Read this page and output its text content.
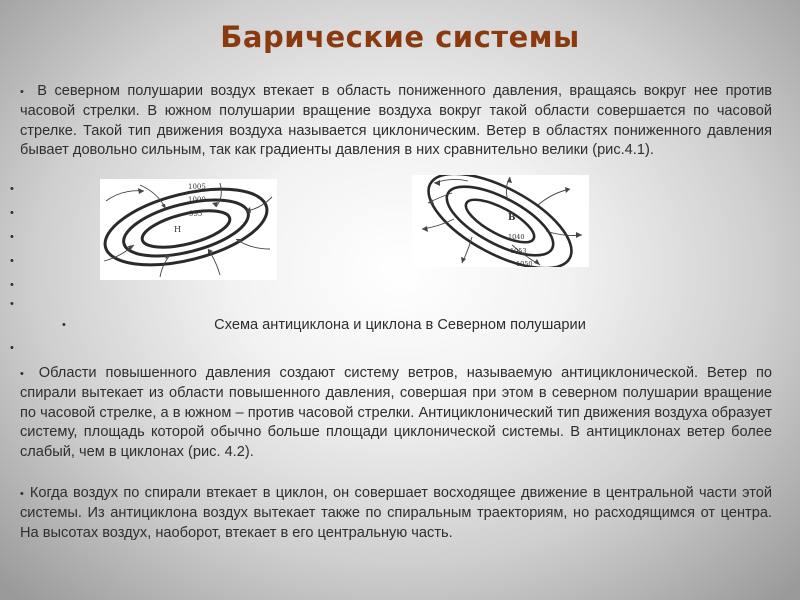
Барические системы
• В северном полушарии воздух втекает в область пониженного давления, вращаясь вокруг нее против часовой стрелки. В южном полушарии вращение воздуха вокруг такой области совершается по часовой стрелке. Такой тип движения воздуха называется циклоническим. Ветер в областях пониженного давления бывает довольно сильным, так как градиенты давления в них сравнительно велики (рис.4.1).
1005
1000
995
Н
В
1040
1053
1050
•
•
•
•
•
•
•	Схема антициклона и циклона в Северном полушарии
•
• Области повышенного давления создают систему ветров, называемую антициклонической. Ветер по спирали вытекает из области повышенного давления, совершая при этом в северном полушарии вращение по часовой стрелке, а в южном – против часовой стрелки. Антициклонический тип движения воздуха образует систему, площадь которой обычно больше площади циклонической системы. В антициклонах ветер более слабый, чем в циклонах (рис. 4.2).
• Когда воздух по спирали втекает в циклон, он совершает восходящее движение в центральной части этой системы. Из антициклона воздух вытекает также по спиральным траекториям, но расходящимся от центра. На высотах воздух, наоборот, втекает в его центральную часть.
